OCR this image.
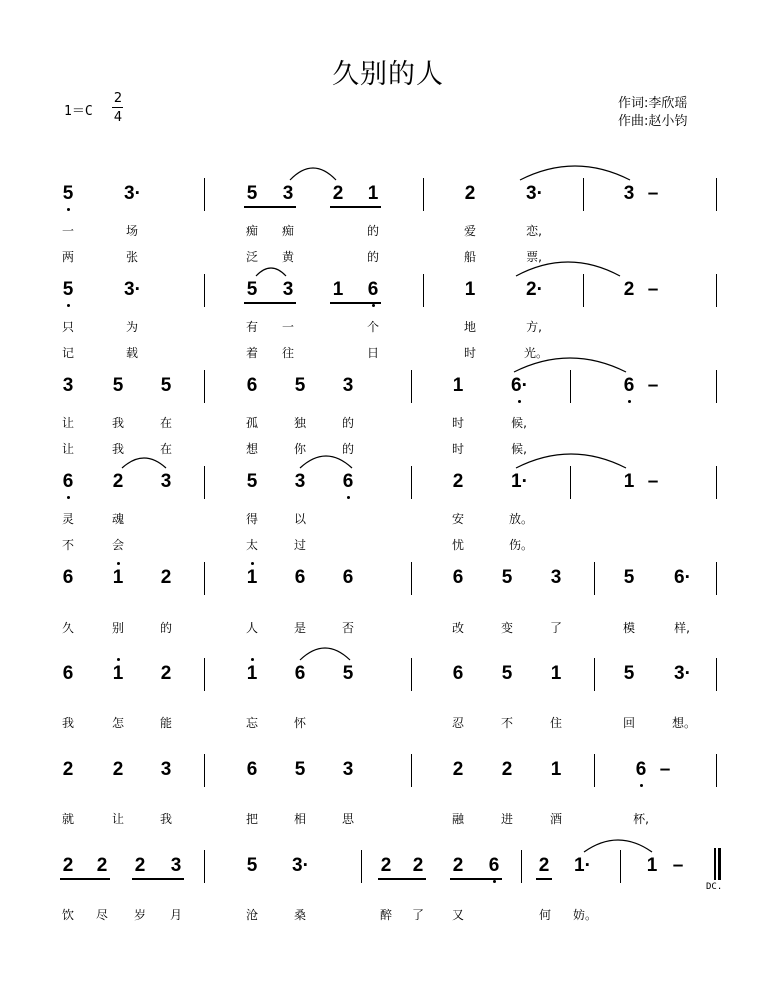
久别的人
1＝C
2
4
作词:李欣瑶
作曲:赵小钧
DC.
5	3·	5 3 2 1	2	3·	3 –
一	场	痴	痴	的	爱	恋,
两	张	泛	黄	的	船	票,
5	3·	5 3 1 6	1	2·	2 –
只	为	有	一	个	地	方,
记	载	着	往	日	时	光。
3 5 5	6 5 3	1	6·	6 –
让	我	在	孤	独	的	时	候,
让	我	在	想	你	的	时	候,
6 2 3	5 3 6	2	1·	1 –
灵	魂	得	以	安	放。
不	会	太	过	忧	伤。
6 1 2	1 6 6	6 5 3	5 6·
久	别	的	人	是	否	改	变	了	模	样,
6 1 2	1 6 5	6 5 1	5 3·
我	怎	能	忘	怀	忍	不	住	回	想。
2 2 3	6 5 3	2 2 1	6 –
就	让	我	把	相	思	融	进	酒	杯,
2 2 2 3	5 3·	2 2 2 6 2 1·	1 –
饮	尽	岁	月	沧	桑	醉	了	又	何	妨。
